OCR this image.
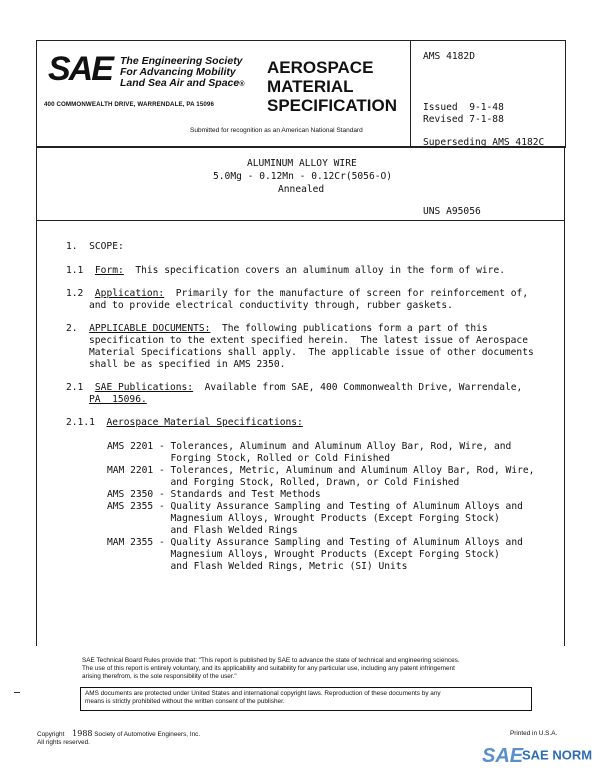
SAE The Engineering Society
For Advancing Mobility
Land Sea Air and Space®
400 COMMONWEALTH DRIVE, WARRENDALE, PA 15096
AEROSPACE
MATERIAL
SPECIFICATION
Submitted for recognition as an American National Standard
AMS 4182D
Issued  9-1-48
Revised 7-1-88
Superseding AMS 4182C
ALUMINUM ALLOY WIRE
5.0Mg - 0.12Mn - 0.12Cr(5056-O)
Annealed
UNS A95056
1.  SCOPE:
1.1 Form: This specification covers an aluminum alloy in the form of wire.
1.2 Application: Primarily for the manufacture of screen for reinforcement of,
and to provide electrical conductivity through, rubber gaskets.
2. APPLICABLE DOCUMENTS: The following publications form a part of this
specification to the extent specified herein.  The latest issue of Aerospace
Material Specifications shall apply.  The applicable issue of other documents
shall be as specified in AMS 2350.
2.1 SAE Publications: Available from SAE, 400 Commonwealth Drive, Warrendale,
PA  15096.
2.1.1 Aerospace Material Specifications:
AMS 2201 - Tolerances, Aluminum and Aluminum Alloy Bar, Rod, Wire, and
Forging Stock, Rolled or Cold Finished
MAM 2201 - Tolerances, Metric, Aluminum and Aluminum Alloy Bar, Rod, Wire,
and Forging Stock, Rolled, Drawn, or Cold Finished
AMS 2350 - Standards and Test Methods
AMS 2355 - Quality Assurance Sampling and Testing of Aluminum Alloys and
Magnesium Alloys, Wrought Products (Except Forging Stock)
and Flash Welded Rings
MAM 2355 - Quality Assurance Sampling and Testing of Aluminum Alloys and
Magnesium Alloys, Wrought Products (Except Forging Stock)
and Flash Welded Rings, Metric (SI) Units
SAE Technical Board Rules provide that: "This report is published by SAE to advance the state of technical and engineering sciences.
The use of this report is entirely voluntary, and its applicability and suitability for any particular use, including any patent infringement
arising therefrom, is the sole responsibility of the user."
AMS documents are protected under United States and international copyright laws. Reproduction of these documents by any
means is strictly prohibited without the written consent of the publisher.
Copyright 1988 Society of Automotive Engineers, Inc.
All rights reserved.
Printed in U.S.A.
SAE
SAE NORM
